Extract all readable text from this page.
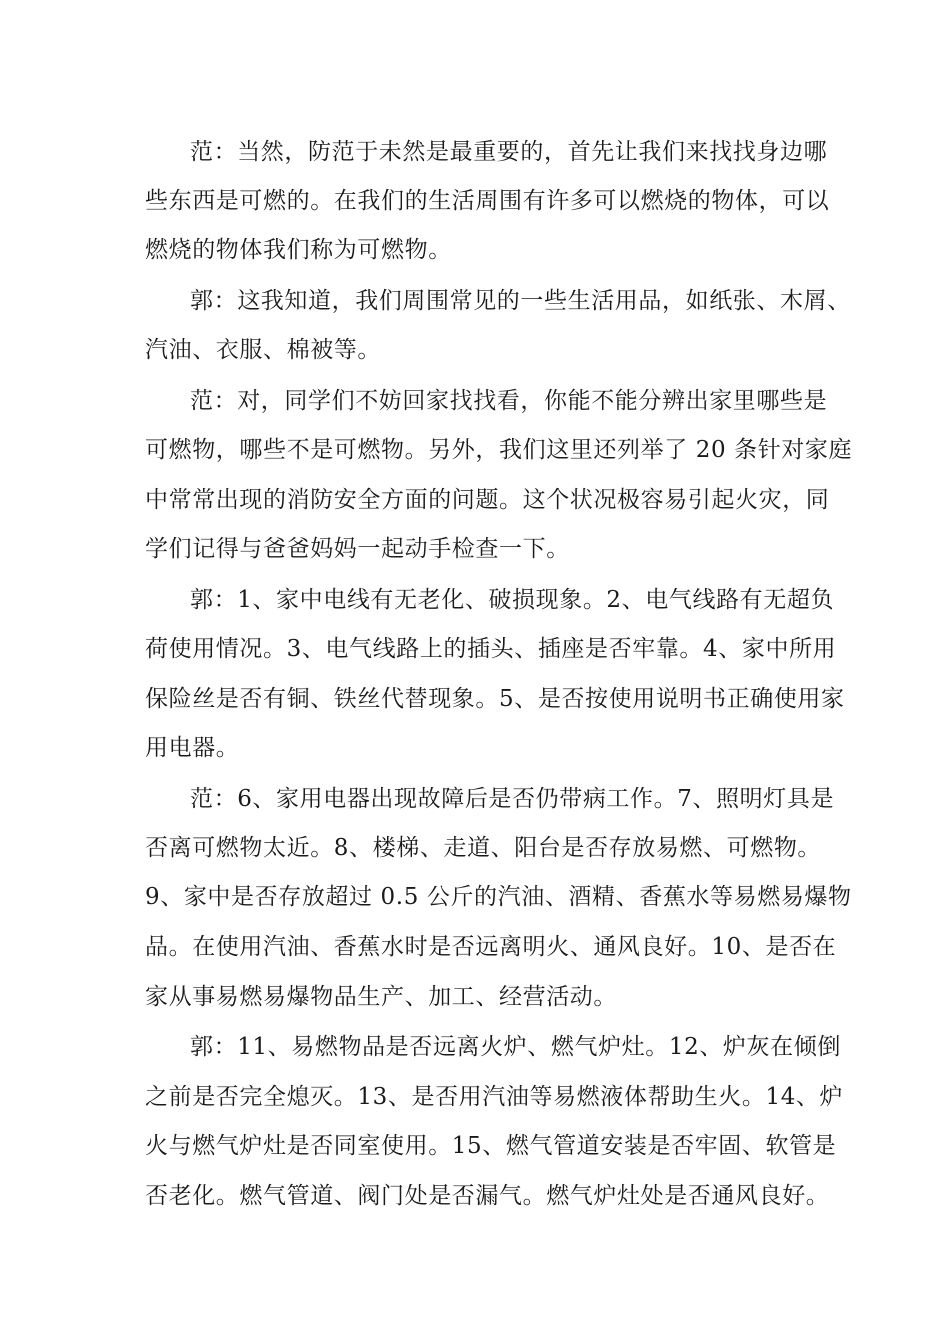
范：当然，防范于未然是最重要的，首先让我们来找找身边哪
些东西是可燃的。在我们的生活周围有许多可以燃烧的物体，可以
燃烧的物体我们称为可燃物。
郭：这我知道，我们周围常见的一些生活用品，如纸张、木屑、
汽油、衣服、棉被等。
范：对，同学们不妨回家找找看，你能不能分辨出家里哪些是
可燃物，哪些不是可燃物。另外，我们这里还列举了 20 条针对家庭
中常常出现的消防安全方面的问题。这个状况极容易引起火灾，同
学们记得与爸爸妈妈一起动手检查一下。
郭：1、家中电线有无老化、破损现象。2、电气线路有无超负
荷使用情况。3、电气线路上的插头、插座是否牢靠。4、家中所用
保险丝是否有铜、铁丝代替现象。5、是否按使用说明书正确使用家
用电器。
范：6、家用电器出现故障后是否仍带病工作。7、照明灯具是
否离可燃物太近。8、楼梯、走道、阳台是否存放易燃、可燃物。
9、家中是否存放超过 0.5 公斤的汽油、酒精、香蕉水等易燃易爆物
品。在使用汽油、香蕉水时是否远离明火、通风良好。10、是否在
家从事易燃易爆物品生产、加工、经营活动。
郭：11、易燃物品是否远离火炉、燃气炉灶。12、炉灰在倾倒
之前是否完全熄灭。13、是否用汽油等易燃液体帮助生火。14、炉
火与燃气炉灶是否同室使用。15、燃气管道安装是否牢固、软管是
否老化。燃气管道、阀门处是否漏气。燃气炉灶处是否通风良好。
